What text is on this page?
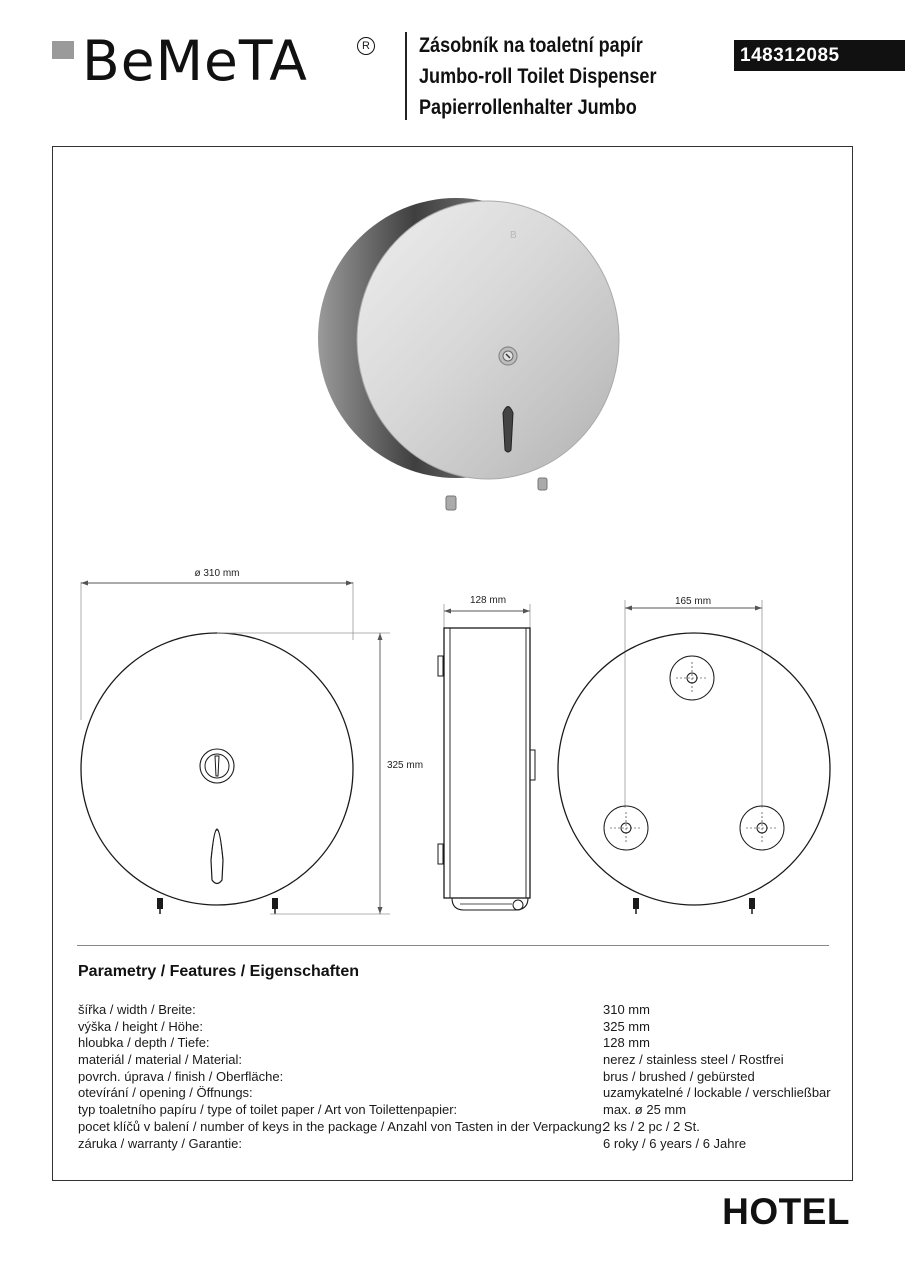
BeMeTA	R Zásobník na toaletní papír
Jumbo-roll Toilet Dispenser
Papierrollenhalter Jumbo
148312085
B
ø 310 mm
325 mm
128 mm	165 mm
Parametry / Features / Eigenschaften
šířka / width / Breite:	310 mm
výška / height / Höhe:	325 mm
hloubka / depth / Tiefe:	128 mm
materiál / material / Material:	nerez / stainless steel / Rostfrei
povrch. úprava / finish / Oberfläche:	brus / brushed / gebürsted
otevírání / opening / Öffnungs:	uzamykatelné / lockable / verschließbar
typ toaletního papíru / type of toilet paper / Art von Toilettenpapier:	max. ø 25 mm
pocet klíčů v balení / number of keys in the package / Anzahl von Tasten in der Verpackung:
2 ks / 2 pc / 2 St.
záruka / warranty / Garantie:	6 roky / 6 years / 6 Jahre
HOTEL
